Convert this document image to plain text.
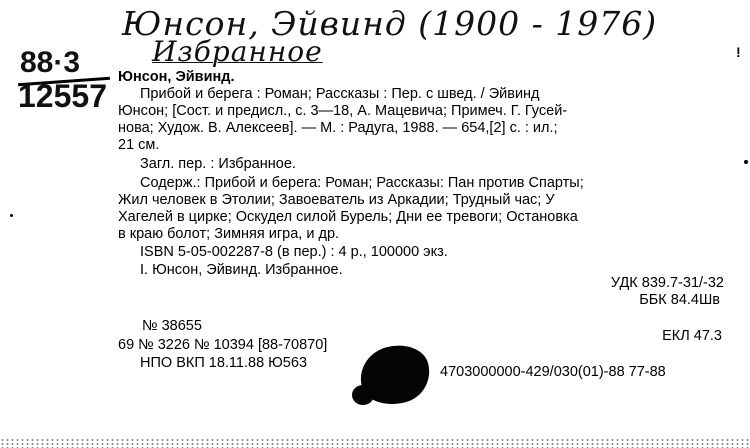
Юнсон, Эйвинд (1900 - 1976)
Избранное
88·3
12557
!
Юнсон, Эйвинд.
Прибой и берега : Роман; Рассказы : Пер. с швед. / Эйвинд
Юнсон; [Сост. и предисл., с. 3—18, А. Мацевича; Примеч. Г. Гусей-
нова; Худож. В. Алексеев]. — М. : Радуга, 1988. — 654,[2] с. : ил.;
21 см.
Загл. пер. : Избранное.
Содерж.: Прибой и берега: Роман; Рассказы: Пан против Спарты;
Жил человек в Этолии; Завоеватель из Аркадии; Трудный час; У
Хагелей в цирке; Оскудел силой Бурель; Дни ее тревоги; Остановка
в краю болот; Зимняя игра, и др.
ISBN 5-05-002287-8 (в пер.) : 4 р., 100000 экз.
I. Юнсон, Эйвинд. Избранное.
УДК 839.7-31/-32
ББК 84.4Шв
№ 38655
69 № 3226 № 10394 [88-70870]
ЕКЛ 47.3
НПО ВКП 18.11.88 Ю563
4703000000-429/030(01)-88 77-88
